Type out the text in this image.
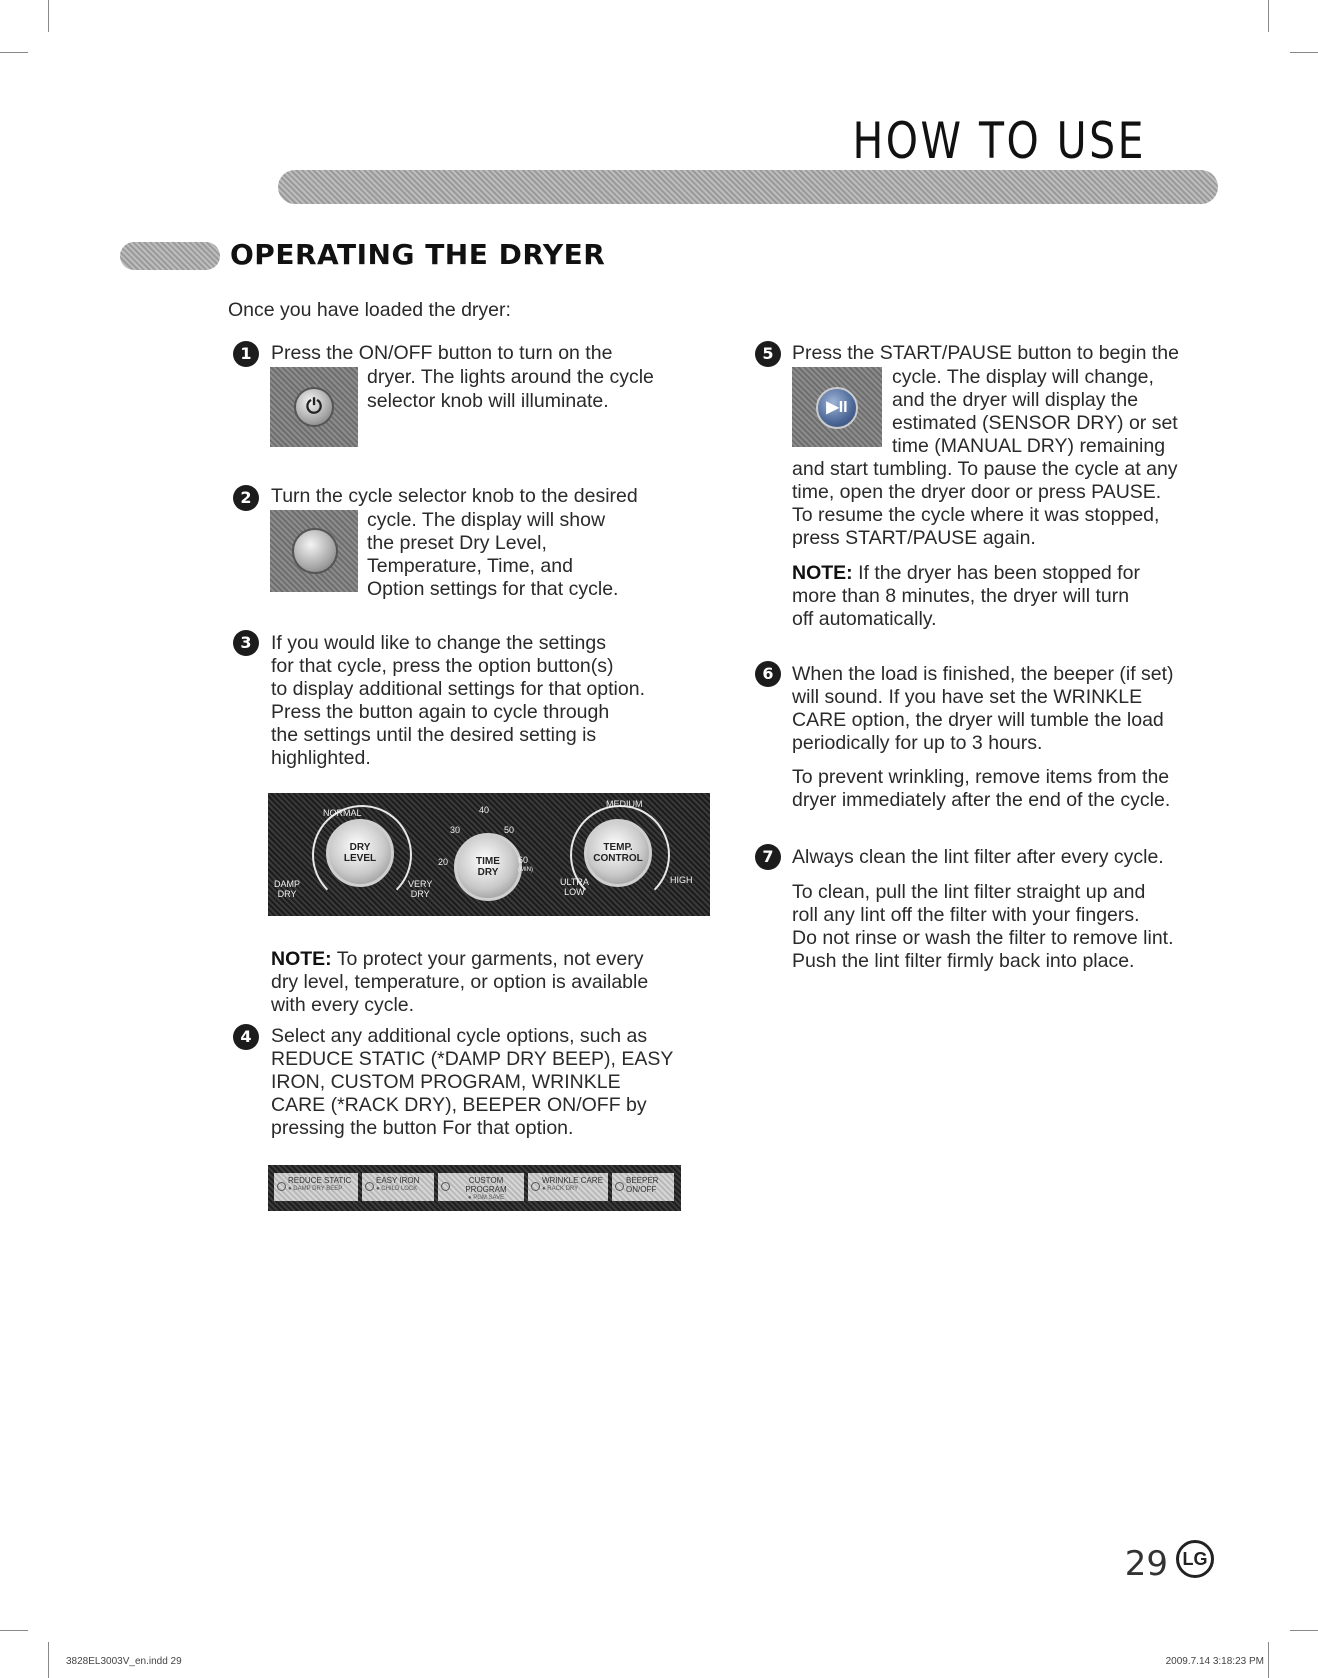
HOW TO USE
OPERATING THE DRYER
Once you have loaded the dryer:
1 Press the ON/OFF button to turn on the
⏻
dryer. The lights around the cycle
selector knob will illuminate.
2 Turn the cycle selector knob to the desired
cycle. The display will show
the preset Dry Level,
Temperature, Time, and
Option settings for that cycle.
3 If you would like to change the settings
for that cycle, press the option button(s)
to display additional settings for that option.
Press the button again to cycle through
the settings until the desired setting is
highlighted.
DRY
LEVEL
NORMAL
DAMP
DRY
VERY
DRY
TIME
DRY
40
30	50
20	60
(MIN)
TEMP.
CONTROL
MEDIUM
ULTRA
LOW
HIGH
NOTE: To protect your garments, not every
dry level, temperature, or option is available
with every cycle.
4 Select any additional cycle options, such as
REDUCE STATIC (*DAMP DRY BEEP), EASY
IRON, CUSTOM PROGRAM, WRINKLE
CARE (*RACK DRY), BEEPER ON/OFF by
pressing the button For that option.
REDUCE STATIC
● DAMP DRY BEEP
EASY IRON
● CHILD LOCK
CUSTOM PROGRAM
● PGM SAVE
WRINKLE CARE
● RACK DRY
BEEPER ON/OFF
5 Press the START/PAUSE button to begin the
▶II
cycle. The display will change,
and the dryer will display the
estimated (SENSOR DRY) or set
time (MANUAL DRY) remaining
and start tumbling. To pause the cycle at any
time, open the dryer door or press PAUSE.
To resume the cycle where it was stopped,
press START/PAUSE again.
NOTE: If the dryer has been stopped for
more than 8 minutes, the dryer will turn
off automatically.
6 When the load is finished, the beeper (if set)
will sound. If you have set the WRINKLE
CARE option, the dryer will tumble the load
periodically for up to 3 hours.
To prevent wrinkling, remove items from the
dryer immediately after the end of the cycle.
7 Always clean the lint filter after every cycle.
To clean, pull the lint filter straight up and
roll any lint off the filter with your fingers.
Do not rinse or wash the filter to remove lint.
Push the lint filter firmly back into place.
29 LG
3828EL3003V_en.indd 29	2009.7.14 3:18:23 PM
